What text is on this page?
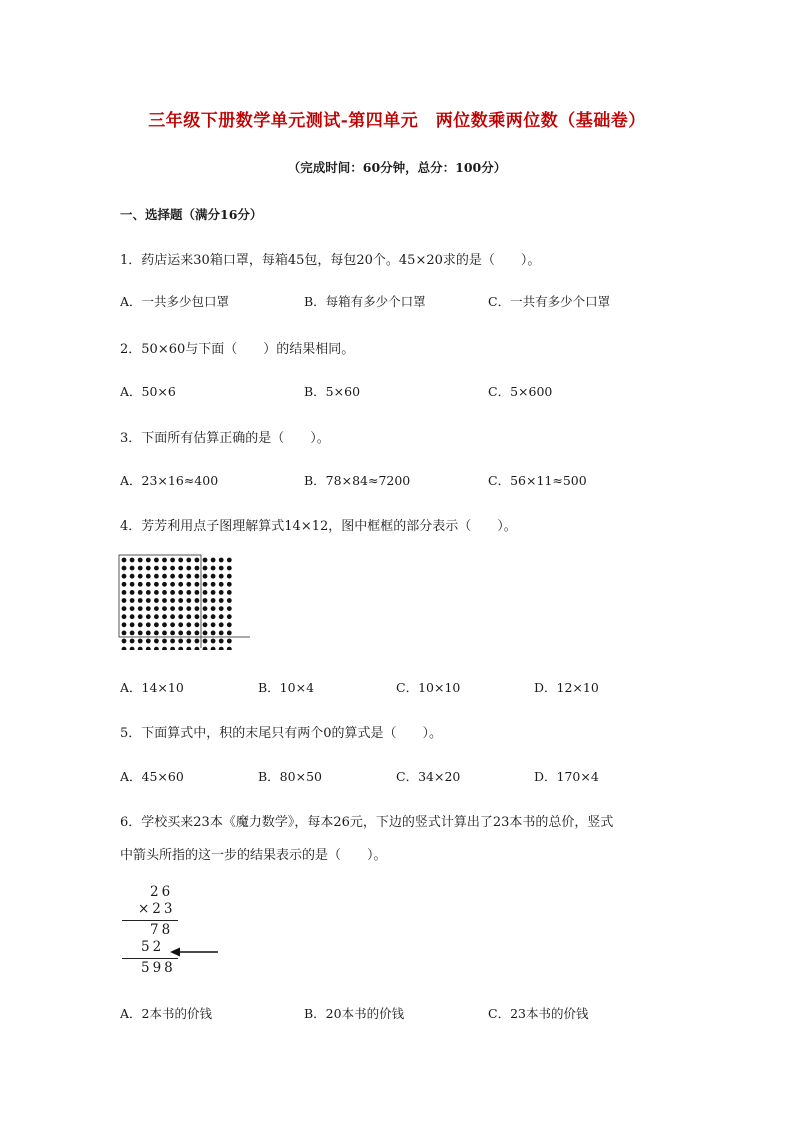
三年级下册数学单元测试-第四单元　两位数乘两位数（基础卷）
（完成时间：60分钟，总分：100分）
一、选择题（满分16分）
1．药店运来30箱口罩，每箱45包，每包20个。45×20求的是（　　）。
A．一共多少包口罩	B．每箱有多少个口罩	C．一共有多少个口罩
2．50×60与下面（　　）的结果相同。
A．50×6	B．5×60	C．5×600
3．下面所有估算正确的是（　　）。
A．23×16≈400	B．78×84≈7200	C．56×11≈500
4．芳芳利用点子图理解算式14×12，图中框框的部分表示（　　）。
A．14×10	B．10×4	C．10×10	D．12×10
5．下面算式中，积的末尾只有两个0的算式是（　　）。
A．45×60	B．80×50	C．34×20	D．170×4
6．学校买来23本《魔力数学》，每本26元，下边的竖式计算出了23本书的总价，竖式
中箭头所指的这一步的结果表示的是（　　）。
26
×23
78
52
598
A．2本书的价钱	B．20本书的价钱	C．23本书的价钱
